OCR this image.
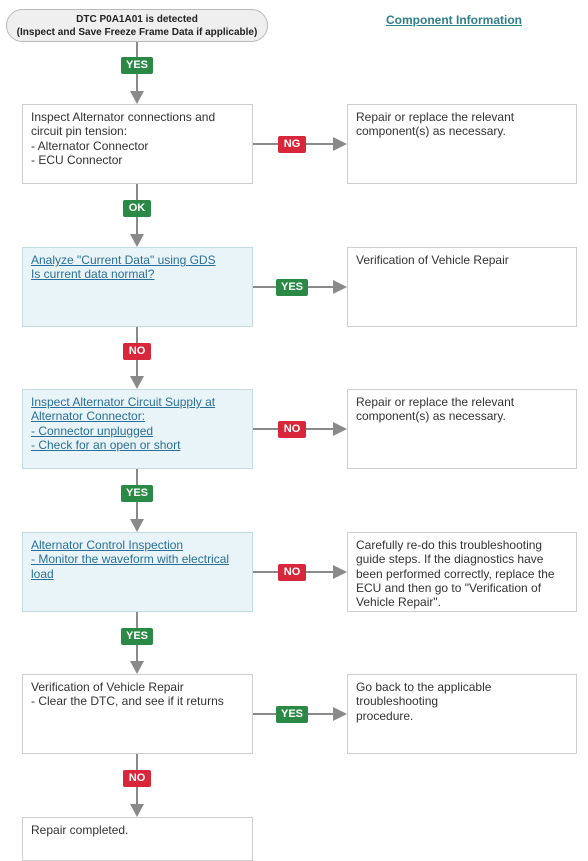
DTC P0A1A01 is detected
(Inspect and Save Freeze Frame Data if applicable)
Component Information
YES
Inspect Alternator connections and
circuit pin tension:
- Alternator Connector
- ECU Connector
Repair or replace the relevant
component(s) as necessary.
NG
OK
Analyze "Current Data" using GDS
Is current data normal?
Verification of Vehicle Repair
YES
NO
Inspect Alternator Circuit Supply at
Alternator Connector:
- Connector unplugged
- Check for an open or short
Repair or replace the relevant
component(s) as necessary.
NO
YES
Alternator Control Inspection
- Monitor the waveform with electrical
load
Carefully re-do this troubleshooting
guide steps. If the diagnostics have
been performed correctly, replace the
ECU and then go to "Verification of
Vehicle Repair".
NO
YES
Verification of Vehicle Repair
- Clear the DTC, and see if it returns
Go back to the applicable troubleshooting
procedure.
YES
NO
Repair completed.
